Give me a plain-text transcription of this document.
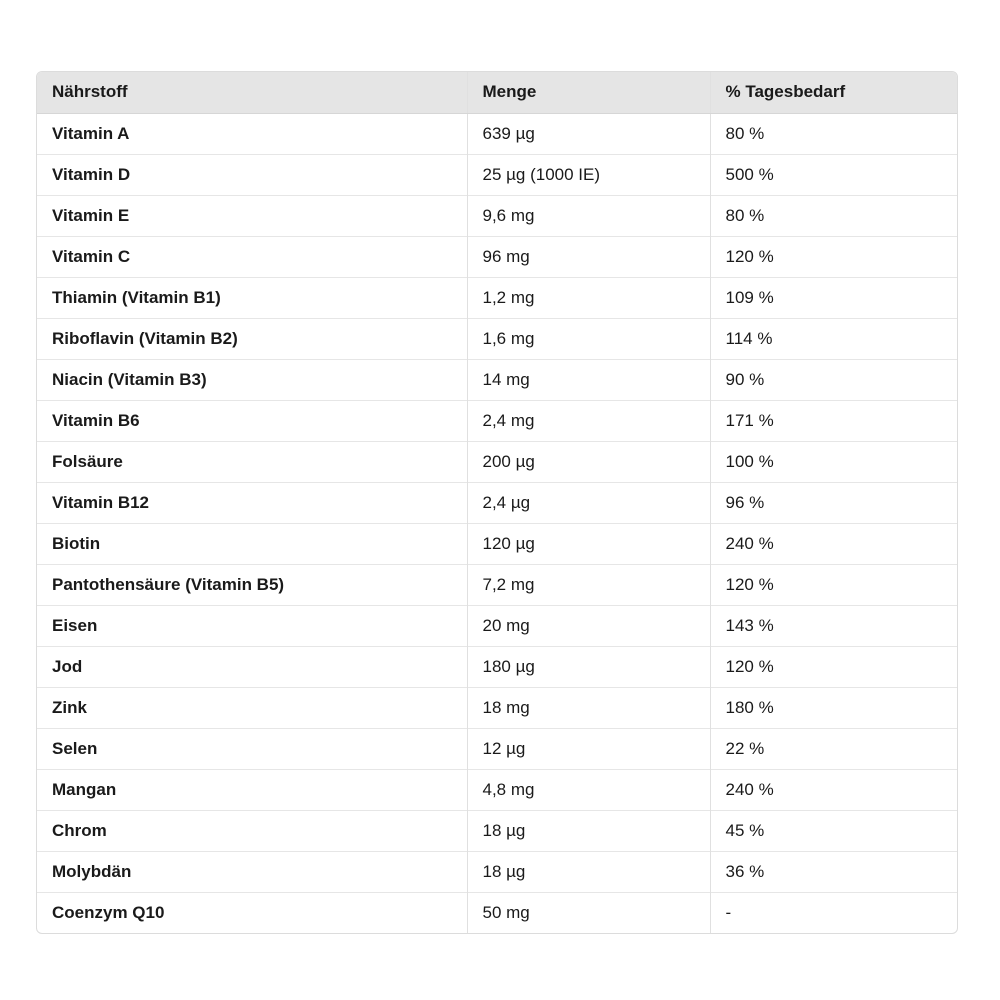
Nährstoff	Menge	% Tagesbedarf
Vitamin A	639 µg	80 %
Vitamin D	25 µg (1000 IE)	500 %
Vitamin E	9,6 mg	80 %
Vitamin C	96 mg	120 %
Thiamin (Vitamin B1)	1,2 mg	109 %
Riboflavin (Vitamin B2)	1,6 mg	114 %
Niacin (Vitamin B3)	14 mg	90 %
Vitamin B6	2,4 mg	171 %
Folsäure	200 µg	100 %
Vitamin B12	2,4 µg	96 %
Biotin	120 µg	240 %
Pantothensäure (Vitamin B5)	7,2 mg	120 %
Eisen	20 mg	143 %
Jod	180 µg	120 %
Zink	18 mg	180 %
Selen	12 µg	22 %
Mangan	4,8 mg	240 %
Chrom	18 µg	45 %
Molybdän	18 µg	36 %
Coenzym Q10	50 mg	-
